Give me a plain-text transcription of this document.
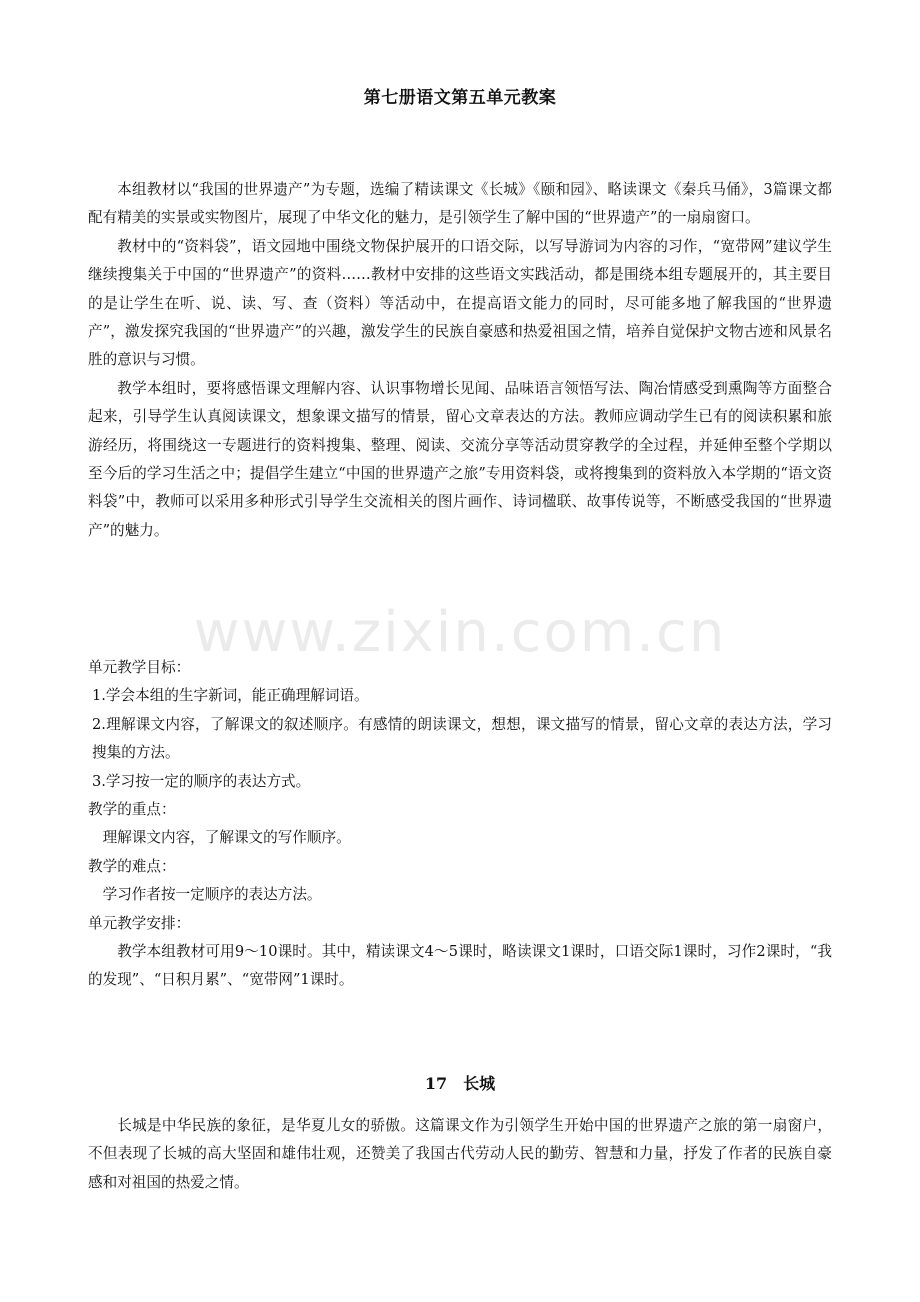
第七册语文第五单元教案

本组教材以“我国的世界遗产”为专题，选编了精读课文《长城》《颐和园》、略读课文《秦兵马俑》，3篇课文都配有精美的实景或实物图片，展现了中华文化的魅力，是引领学生了解中国的“世界遗产”的一扇扇窗口。

教材中的“资料袋”，语文园地中围绕文物保护展开的口语交际，以写导游词为内容的习作，“宽带网”建议学生继续搜集关于中国的“世界遗产”的资料……教材中安排的这些语文实践活动，都是围绕本组专题展开的，其主要目的是让学生在听、说、读、写、查（资料）等活动中，在提高语文能力的同时，尽可能多地了解我国的“世界遗产”，激发探究我国的“世界遗产”的兴趣，激发学生的民族自豪感和热爱祖国之情，培养自觉保护文物古迹和风景名胜的意识与习惯。

教学本组时，要将感悟课文理解内容、认识事物增长见闻、品味语言领悟写法、陶冶情感受到熏陶等方面整合起来，引导学生认真阅读课文，想象课文描写的情景，留心文章表达的方法。教师应调动学生已有的阅读积累和旅游经历，将围绕这一专题进行的资料搜集、整理、阅读、交流分享等活动贯穿教学的全过程，并延伸至整个学期以至今后的学习生活之中；提倡学生建立“中国的世界遗产之旅”专用资料袋，或将搜集到的资料放入本学期的“语文资料袋”中，教师可以采用多种形式引导学生交流相关的图片画作、诗词楹联、故事传说等，不断感受我国的“世界遗产”的魅力。

单元教学目标：

1.学会本组的生字新词，能正确理解词语。

2.理解课文内容，了解课文的叙述顺序。有感情的朗读课文，想想，课文描写的情景，留心文章的表达方法，学习搜集的方法。

3.学习按一定的顺序的表达方式。

教学的重点：

理解课文内容，了解课文的写作顺序。

教学的难点：

学习作者按一定顺序的表达方法。

单元教学安排：

教学本组教材可用9～10课时。其中，精读课文4～5课时，略读课文1课时，口语交际1课时，习作2课时，“我的发现”、“日积月累”、“宽带网”1课时。

17　长城

长城是中华民族的象征，是华夏儿女的骄傲。这篇课文作为引领学生开始中国的世界遗产之旅的第一扇窗户，不但表现了长城的高大坚固和雄伟壮观，还赞美了我国古代劳动人民的勤劳、智慧和力量，抒发了作者的民族自豪感和对祖国的热爱之情。

www.zixin.com.cn
